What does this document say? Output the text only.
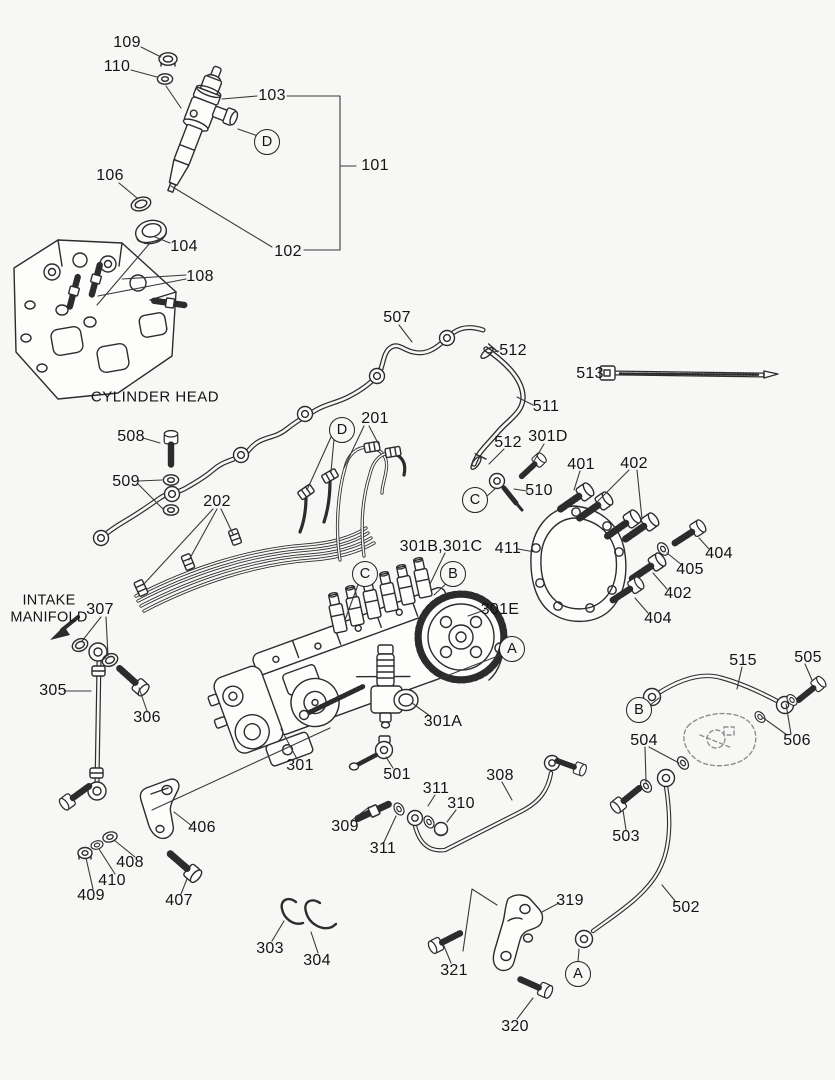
109
110
103
D
101
106
104	102
108
507
512
513
511
508
201
D
512 301D
401 402
509
C
510
202
301B,301C 411	404
405
C	B
402
301E
404
A
307
515 505
305
B
306	301A
504	506
301
501	308
311
310
309
406
503
311
408
410
409	407	319	502
303
304
321	A
320
CYLINDER HEAD
INTAKE
MANIFOLD
